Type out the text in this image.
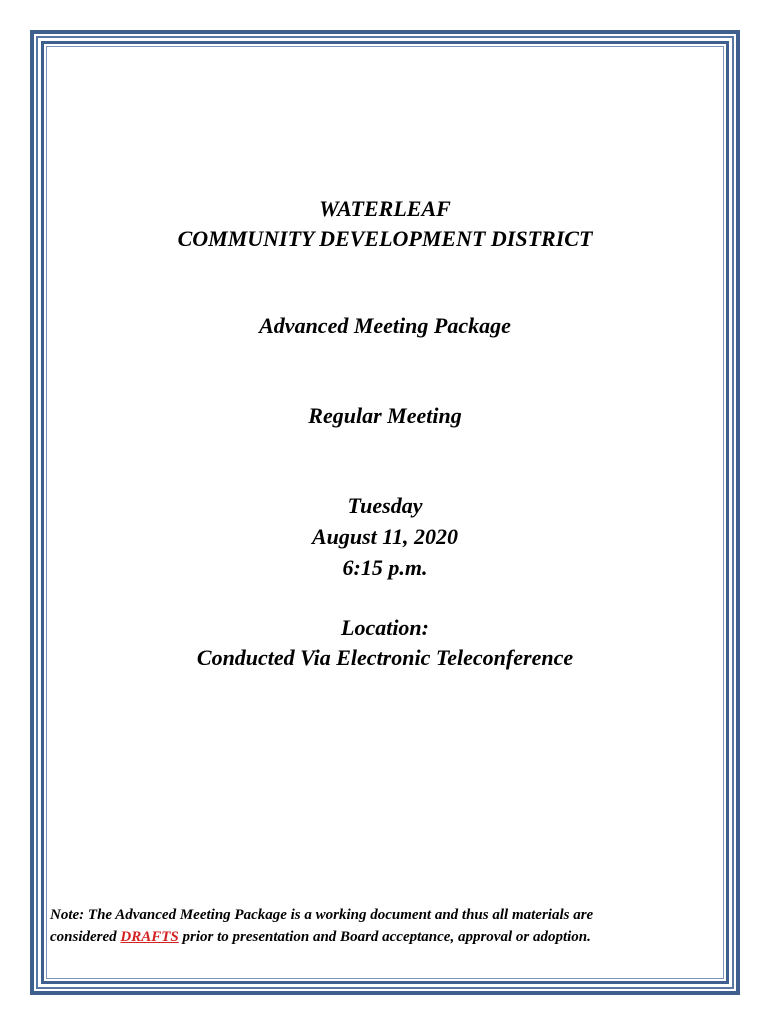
WATERLEAF
COMMUNITY DEVELOPMENT DISTRICT
Advanced Meeting Package
Regular Meeting
Tuesday
August 11, 2020
6:15 p.m.
Location:
Conducted Via Electronic Teleconference
Note: The Advanced Meeting Package is a working document and thus all materials are
considered DRAFTS prior to presentation and Board acceptance, approval or adoption.
